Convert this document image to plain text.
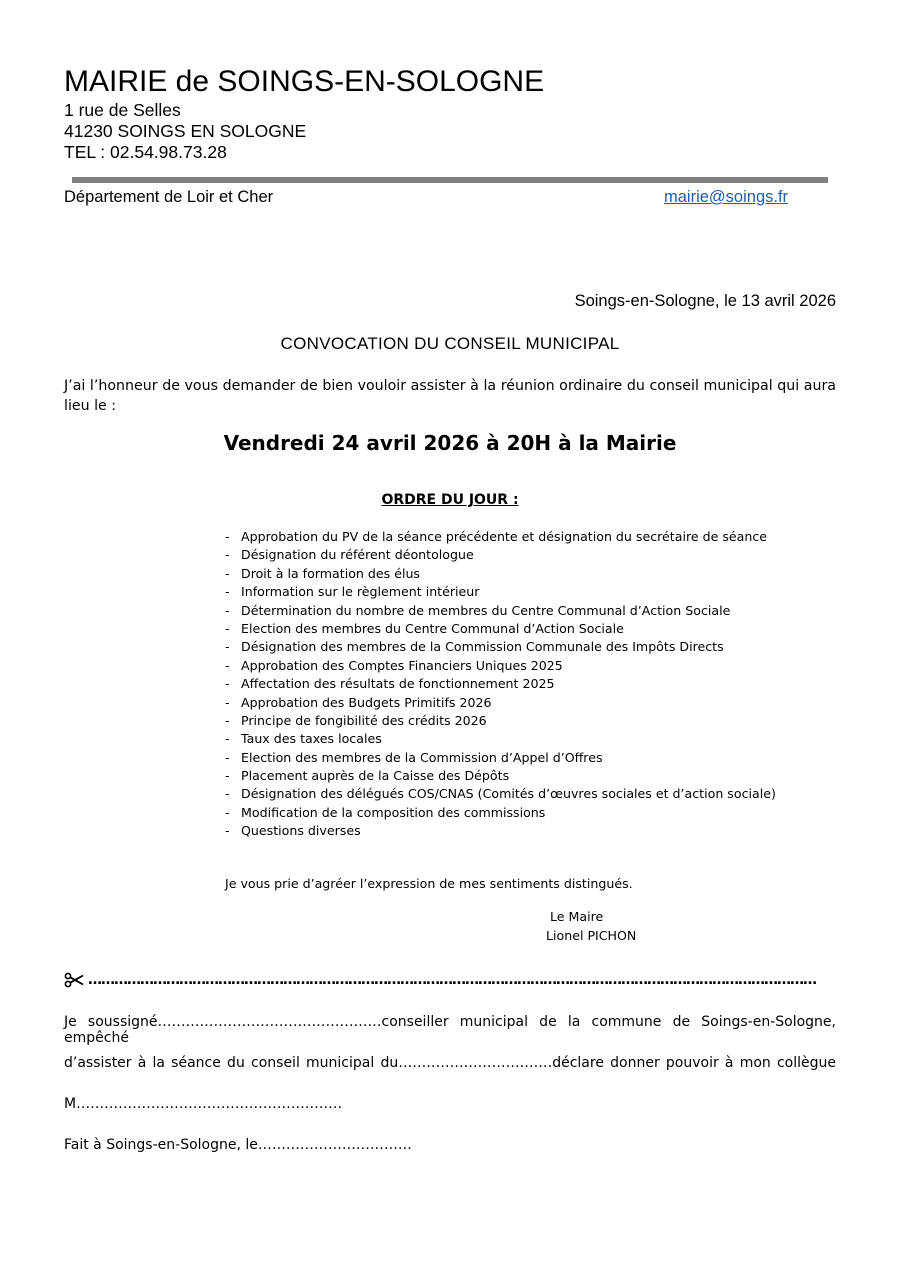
MAIRIE de SOINGS-EN-SOLOGNE
1 rue de Selles
41230 SOINGS EN SOLOGNE
TEL : 02.54.98.73.28
Département de Loir et Cher	mairie@soings.fr
Soings-en-Sologne, le 13 avril 2026
CONVOCATION DU CONSEIL MUNICIPAL
J’ai l’honneur de vous demander de bien vouloir assister à la réunion ordinaire du conseil municipal qui aura lieu le :
Vendredi 24 avril 2026 à 20H à la Mairie
ORDRE DU JOUR :
- Approbation du PV de la séance précédente et désignation du secrétaire de séance
- Désignation du référent déontologue
- Droit à la formation des élus
- Information sur le règlement intérieur
- Détermination du nombre de membres du Centre Communal d’Action Sociale
- Election des membres du Centre Communal d’Action Sociale
- Désignation des membres de la Commission Communale des Impôts Directs
- Approbation des Comptes Financiers Uniques 2025
- Affectation des résultats de fonctionnement 2025
- Approbation des Budgets Primitifs 2026
- Principe de fongibilité des crédits 2026
- Taux des taxes locales
- Election des membres de la Commission d’Appel d’Offres
- Placement auprès de la Caisse des Dépôts
- Désignation des délégués COS/CNAS (Comités d’œuvres sociales et d’action sociale)
- Modification de la composition des commissions
- Questions diverses
Je vous prie d’agréer l’expression de mes sentiments distingués.
Le Maire
Lionel PICHON
……………………………………………………………………………………………………………………………………………………
Je soussigné…………………………………………conseiller municipal de la commune de Soings-en-Sologne, empêché
d’assister à la séance du conseil municipal du……………………………déclare donner pouvoir à mon collègue
M…………………………………………………
Fait à Soings-en-Sologne, le……………………………
